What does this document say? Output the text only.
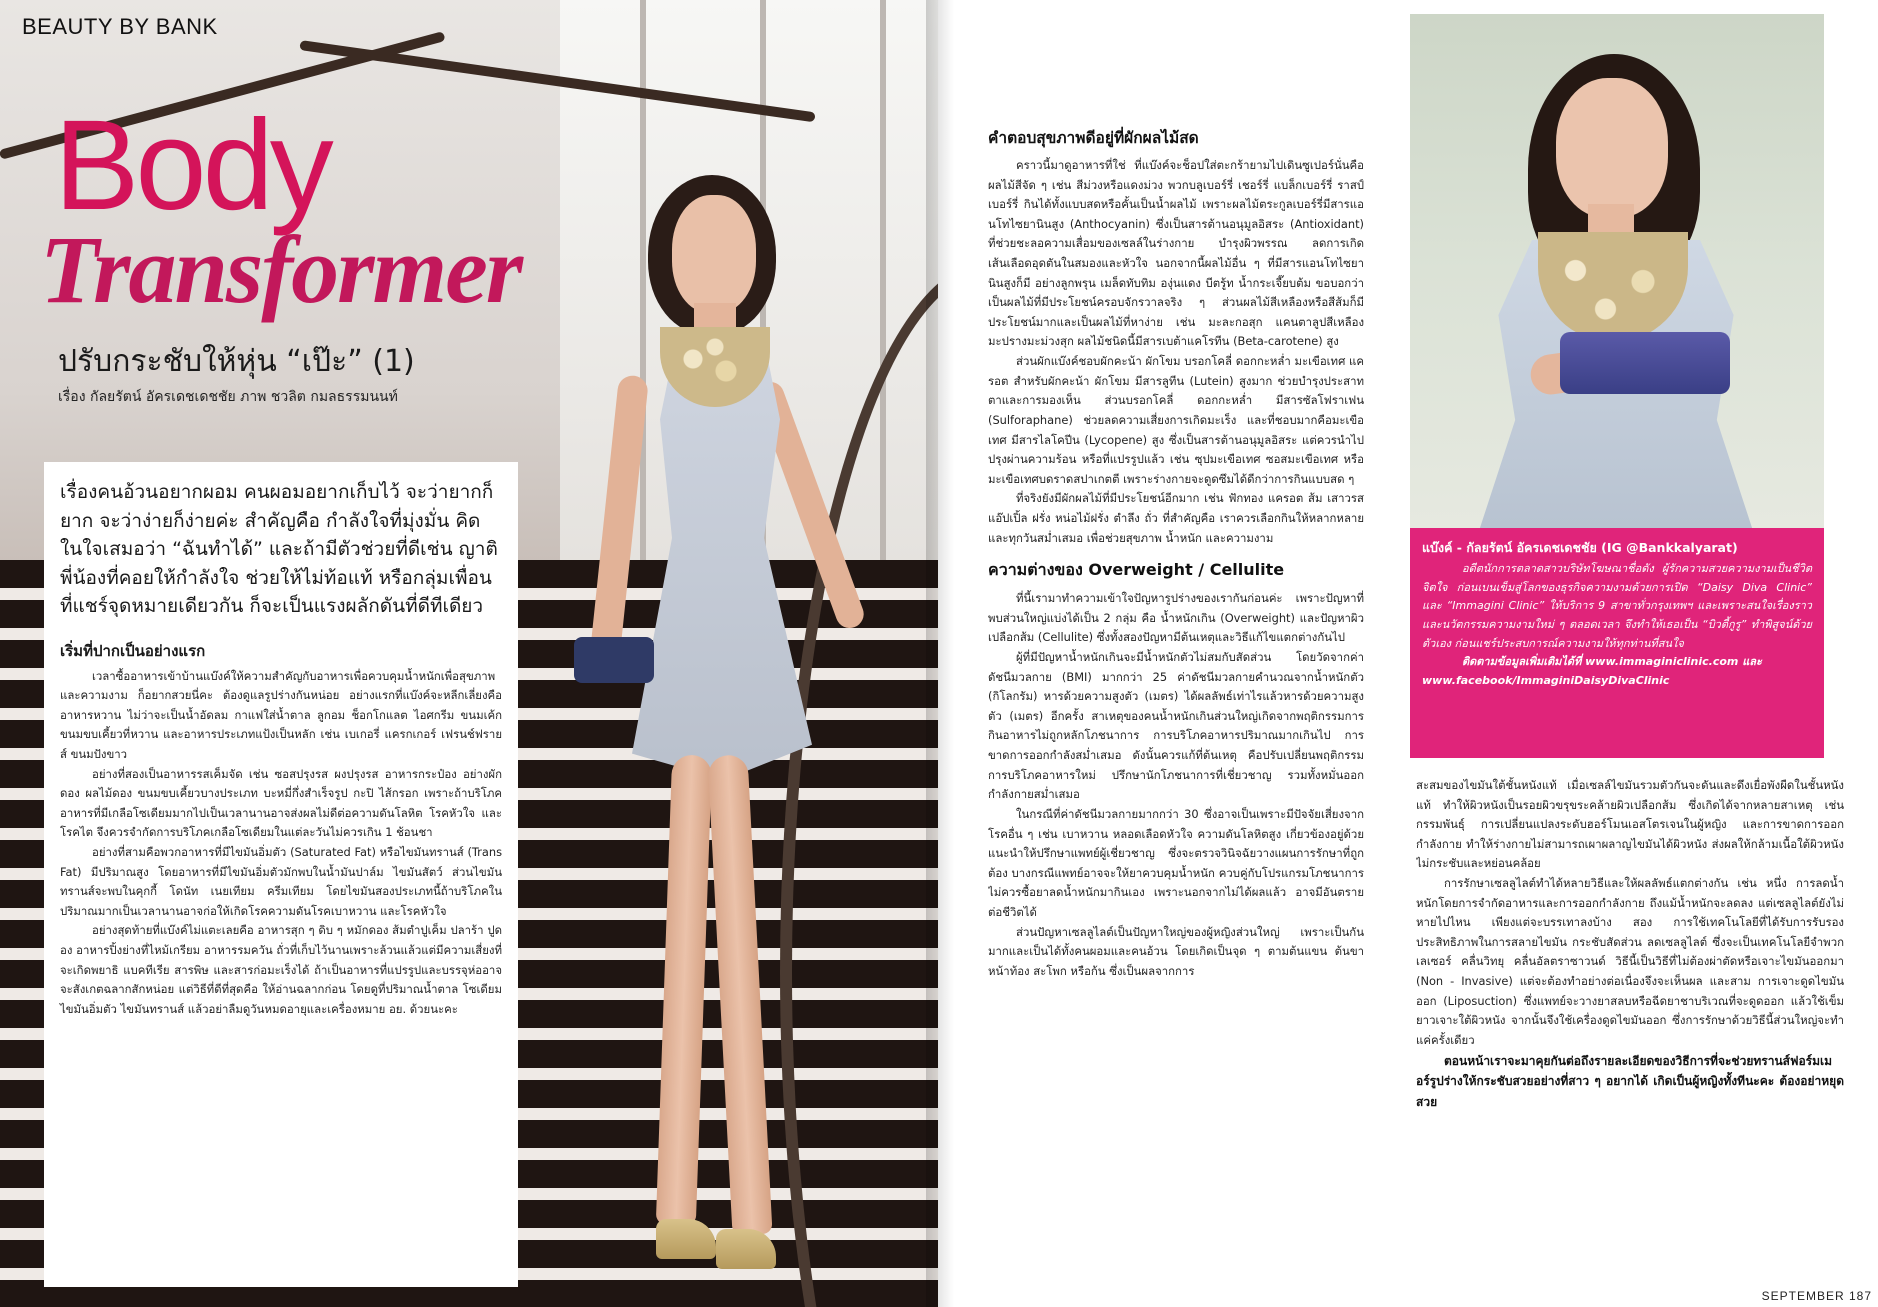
BEAUTY BY BANK
Body
Transformer
ปรับกระชับให้หุ่น “เป๊ะ” (1)
เรื่อง กัลยรัตน์ อัครเดชเดชชัย ภาพ ชวลิต กมลธรรมนนท์

เรื่องคนอ้วนอยากผอม คนผอมอยากเก็บไว้ จะว่ายากก็ยาก จะว่าง่ายก็ง่ายค่ะ สำคัญคือ กำลังใจที่มุ่งมั่น คิดในใจเสมอว่า “ฉันทำได้” และถ้ามีตัวช่วยที่ดีเช่น ญาติพี่น้องที่คอยให้กำลังใจ ช่วยให้ไม่ท้อแท้ หรือกลุ่มเพื่อนที่แชร์จุดหมายเดียวกัน ก็จะเป็นแรงผลักดันที่ดีทีเดียว

เริ่มที่ปากเป็นอย่างแรก

เวลาซื้ออาหารเข้าบ้านแบ๊งค์ให้ความสำคัญกับอาหารเพื่อควบคุมน้ำหนักเพื่อสุขภาพ และความงาม ก็อยากสวยนี่คะ ต้องดูแลรูปร่างกันหน่อย อย่างแรกที่แบ๊งค์จะหลีกเลี่ยงคือ อาหารหวาน ไม่ว่าจะเป็นน้ำอัดลม กาแฟใส่น้ำตาล ลูกอม ช็อกโกแลต ไอศกรีม ขนมเค้ก ขนมขบเคี้ยวที่หวาน และอาหารประเภทแป้งเป็นหลัก เช่น เบเกอรี่ แครกเกอร์ เฟรนช์ฟรายส์ ขนมปังขาว

อย่างที่สองเป็นอาหารรสเค็มจัด เช่น ซอสปรุงรส ผงปรุงรส อาหารกระป๋อง อย่างผักดอง ผลไม้ดอง ขนมขบเคี้ยวบางประเภท บะหมี่กึ่งสำเร็จรูป กะปิ ไส้กรอก เพราะถ้าบริโภคอาหารที่มีเกลือโซเดียมมากไปเป็นเวลานานอาจส่งผลไม่ดีต่อความดันโลหิต โรคหัวใจ และโรคไต จึงควรจำกัดการบริโภคเกลือโซเดียมในแต่ละวันไม่ควรเกิน 1 ช้อนชา

อย่างที่สามคือพวกอาหารที่มีไขมันอิ่มตัว (Saturated Fat) หรือไขมันทรานส์ (Trans Fat) มีปริมาณสูง โดยอาหารที่มีไขมันอิ่มตัวมักพบในน้ำมันปาล์ม ไขมันสัตว์ ส่วนไขมันทรานส์จะพบในคุกกี้ โดนัท เนยเทียม ครีมเทียม โดยไขมันสองประเภทนี้ถ้าบริโภคในปริมาณมากเป็นเวลานานอาจก่อให้เกิดโรคความดันโรคเบาหวาน และโรคหัวใจ

อย่างสุดท้ายที่แบ๊งค์ไม่แตะเลยคือ อาหารสุก ๆ ดิบ ๆ หมักดอง ส้มตำปูเค็ม ปลาร้า ปูดอง อาหารปิ้งย่างที่ไหม้เกรียม อาหารรมควัน ถั่วที่เก็บไว้นานเพราะล้วนแล้วแต่มีความเสี่ยงที่จะเกิดพยาธิ แบคทีเรีย สารพิษ และสารก่อมะเร็งได้ ถ้าเป็นอาหารที่แปรรูปและบรรจุห่ออาจจะสังเกตฉลากสักหน่อย แต่วิธีที่ดีที่สุดคือ ให้อ่านฉลากก่อน โดยดูที่ปริมาณน้ำตาล โซเดียม ไขมันอิ่มตัว ไขมันทรานส์ แล้วอย่าลืมดูวันหมดอายุและเครื่องหมาย อย. ด้วยนะคะ

คำตอบสุขภาพดีอยู่ที่ผักผลไม้สด

คราวนี้มาดูอาหารที่ใช่ ที่แบ๊งค์จะช็อปใส่ตะกร้ายามไปเดินซูเปอร์นั่นคือผลไม้สีจัด ๆ เช่น สีม่วงหรือแดงม่วง พวกบลูเบอร์รี่ เชอร์รี่ แบล็กเบอร์รี่ ราสป์เบอร์รี่ กินได้ทั้งแบบสดหรือคั้นเป็นน้ำผลไม้ เพราะผลไม้ตระกูลเบอร์รี่มีสารแอนโทไซยานินสูง (Anthocyanin) ซึ่งเป็นสารต้านอนุมูลอิสระ (Antioxidant) ที่ช่วยชะลอความเสื่อมของเซลล์ในร่างกาย บำรุงผิวพรรณ ลดการเกิดเส้นเลือดอุดตันในสมองและหัวใจ นอกจากนี้ผลไม้อื่น ๆ ที่มีสารแอนโทไซยานินสูงก็มี อย่างลูกพรุน เมล็ดทับทิม องุ่นแดง บีตรู้ท น้ำกระเจี๊ยบต้ม ขอบอกว่าเป็นผลไม้ที่มีประโยชน์ครอบจักรวาลจริง ๆ ส่วนผลไม้สีเหลืองหรือสีส้มก็มีประโยชน์มากและเป็นผลไม้ที่หาง่าย เช่น มะละกอสุก แคนตาลูปสีเหลือง มะปรางมะม่วงสุก ผลไม้ชนิดนี้มีสารเบต้าแคโรทีน (Beta-carotene) สูง

ส่วนผักแบ๊งค์ชอบผักคะน้า ผักโขม บรอกโคลี่ ดอกกะหล่ำ มะเขือเทศ แครอต สำหรับผักคะน้า ผักโขม มีสารลูทีน (Lutein) สูงมาก ช่วยบำรุงประสาทตาและการมองเห็น ส่วนบรอกโคลี่ ดอกกะหล่ำ มีสารซัลโฟราเฟน (Sulforaphane) ช่วยลดความเสี่ยงการเกิดมะเร็ง และที่ชอบมากคือมะเขือเทศ มีสารไลโคปีน (Lycopene) สูง ซึ่งเป็นสารต้านอนุมูลอิสระ แต่ควรนำไปปรุงผ่านความร้อน หรือที่แปรรูปแล้ว เช่น ซุปมะเขือเทศ ซอสมะเขือเทศ หรือมะเขือเทศบดราดสปาเกตตี เพราะร่างกายจะดูดซึมได้ดีกว่าการกินแบบสด ๆ

ที่จริงยังมีผักผลไม้ที่มีประโยชน์อีกมาก เช่น ฟักทอง แครอต ส้ม เสาวรส แอ๊ปเปิ้ล ฝรั่ง หน่อไม้ฝรั่ง ตำลึง ถั่ว ที่สำคัญคือ เราควรเลือกกินให้หลากหลายและทุกวันสม่ำเสมอ เพื่อช่วยสุขภาพ น้ำหนัก และความงาม

ความต่างของ Overweight / Cellulite

ที่นี้เรามาทำความเข้าใจปัญหารูปร่างของเรากันก่อนค่ะ เพราะปัญหาที่พบส่วนใหญ่แบ่งได้เป็น 2 กลุ่ม คือ น้ำหนักเกิน (Overweight) และปัญหาผิวเปลือกส้ม (Cellulite) ซึ่งทั้งสองปัญหามีต้นเหตุและวิธีแก้ไขแตกต่างกันไป

ผู้ที่มีปัญหาน้ำหนักเกินจะมีน้ำหนักตัวไม่สมกับสัดส่วน โดยวัดจากค่าดัชนีมวลกาย (BMI) มากกว่า 25 ค่าดัชนีมวลกายคำนวณจากน้ำหนักตัว (กิโลกรัม) หารด้วยความสูงตัว (เมตร) ได้ผลลัพธ์เท่าไรแล้วหารด้วยความสูงตัว (เมตร) อีกครั้ง สาเหตุของคนน้ำหนักเกินส่วนใหญ่เกิดจากพฤติกรรมการกินอาหารไม่ถูกหลักโภชนาการ การบริโภคอาหารปริมาณมากเกินไป การขาดการออกกำลังสม่ำเสมอ ดังนั้นควรแก้ที่ต้นเหตุ คือปรับเปลี่ยนพฤติกรรมการบริโภคอาหารใหม่ ปรึกษานักโภชนาการที่เชี่ยวชาญ รวมทั้งหมั่นออกกำลังกายสม่ำเสมอ

ในกรณีที่ค่าดัชนีมวลกายมากกว่า 30 ซึ่งอาจเป็นเพราะมีปัจจัยเสี่ยงจากโรคอื่น ๆ เช่น เบาหวาน หลอดเลือดหัวใจ ความดันโลหิตสูง เกี่ยวข้องอยู่ด้วย แนะนำให้ปรึกษาแพทย์ผู้เชี่ยวชาญ ซึ่งจะตรวจวินิจฉัยวางแผนการรักษาที่ถูกต้อง บางกรณีแพทย์อาจจะให้ยาควบคุมน้ำหนัก ควบคู่กับโปรแกรมโภชนาการ ไม่ควรซื้อยาลดน้ำหนักมากินเอง เพราะนอกจากไม่ได้ผลแล้ว อาจมีอันตรายต่อชีวิตได้

ส่วนปัญหาเซลลูไลต์เป็นปัญหาใหญ่ของผู้หญิงส่วนใหญ่ เพราะเป็นกันมากและเป็นได้ทั้งคนผอมและคนอ้วน โดยเกิดเป็นจุด ๆ ตามต้นแขน ต้นขา หน้าท้อง สะโพก หรือก้น ซึ่งเป็นผลจากการ

แบ๊งค์ - กัลยรัตน์ อัครเดชเดชชัย (IG @Bankkalyarat)

อดีตนักการตลาดสาวบริษัทโฆษณาชื่อดัง ผู้รักความสวยความงามเป็นชีวิตจิตใจ ก่อนเบนเข็มสู่โลกของธุรกิจความงามด้วยการเปิด “Daisy Diva Clinic” และ “Immagini Clinic” ให้บริการ 9 สาขาทั่วกรุงเทพฯ และเพราะสนใจเรื่องราวและนวัตกรรมความงามใหม่ ๆ ตลอดเวลา จึงทำให้เธอเป็น “บิวตี้กูรู” ทำพิสูจน์ด้วยตัวเอง ก่อนแชร์ประสบการณ์ความงามให้ทุกท่านที่สนใจ

ติดตามข้อมูลเพิ่มเติมได้ที่ www.immaginiclinic.com และ www.facebook/ImmaginiDaisyDivaClinic

สะสมของไขมันใต้ชั้นหนังแท้ เมื่อเซลล์ไขมันรวมตัวกันจะดันและดึงเยื่อพังผืดในชั้นหนังแท้ ทำให้ผิวหนังเป็นรอยผิวขรุขระคล้ายผิวเปลือกส้ม ซึ่งเกิดได้จากหลายสาเหตุ เช่น กรรมพันธุ์ การเปลี่ยนแปลงระดับฮอร์โมนเอสโตรเจนในผู้หญิง และการขาดการออกกำลังกาย ทำให้ร่างกายไม่สามารถเผาผลาญไขมันได้ผิวหนัง ส่งผลให้กล้ามเนื้อใต้ผิวหนังไม่กระชับและหย่อนคล้อย

การรักษาเซลลูไลต์ทำได้หลายวิธีและให้ผลลัพธ์แตกต่างกัน เช่น หนึ่ง การลดน้ำหนักโดยการจำกัดอาหารและการออกกำลังกาย ถึงแม้น้ำหนักจะลดลง แต่เซลลูไลต์ยังไม่หายไปไหน เพียงแต่จะบรรเทาลงบ้าง สอง การใช้เทคโนโลยีที่ได้รับการรับรองประสิทธิภาพในการสลายไขมัน กระชับสัดส่วน ลดเซลลูไลต์ ซึ่งจะเป็นเทคโนโลยีจำพวกเลเซอร์ คลื่นวิทยุ คลื่นอัลตราซาวนด์ วิธีนี้เป็นวิธีที่ไม่ต้องผ่าตัดหรือเจาะไขมันออกมา (Non - Invasive) แต่จะต้องทำอย่างต่อเนื่องจึงจะเห็นผล และสาม การเจาะดูดไขมันออก (Liposuction) ซึ่งแพทย์จะวางยาสลบหรือฉีดยาชาบริเวณที่จะดูดออก แล้วใช้เข็มยาวเจาะใต้ผิวหนัง จากนั้นจึงใช้เครื่องดูดไขมันออก ซึ่งการรักษาด้วยวิธีนี้ส่วนใหญ่จะทำแค่ครั้งเดียว

ตอนหน้าเราจะมาคุยกันต่อถึงรายละเอียดของวิธีการที่จะช่วยทรานส์ฟอร์มเมอร์รูปร่างให้กระชับสวยอย่างที่สาว ๆ อยากได้ เกิดเป็นผู้หญิงทั้งทีนะคะ ต้องอย่าหยุดสวย

SEPTEMBER 187
